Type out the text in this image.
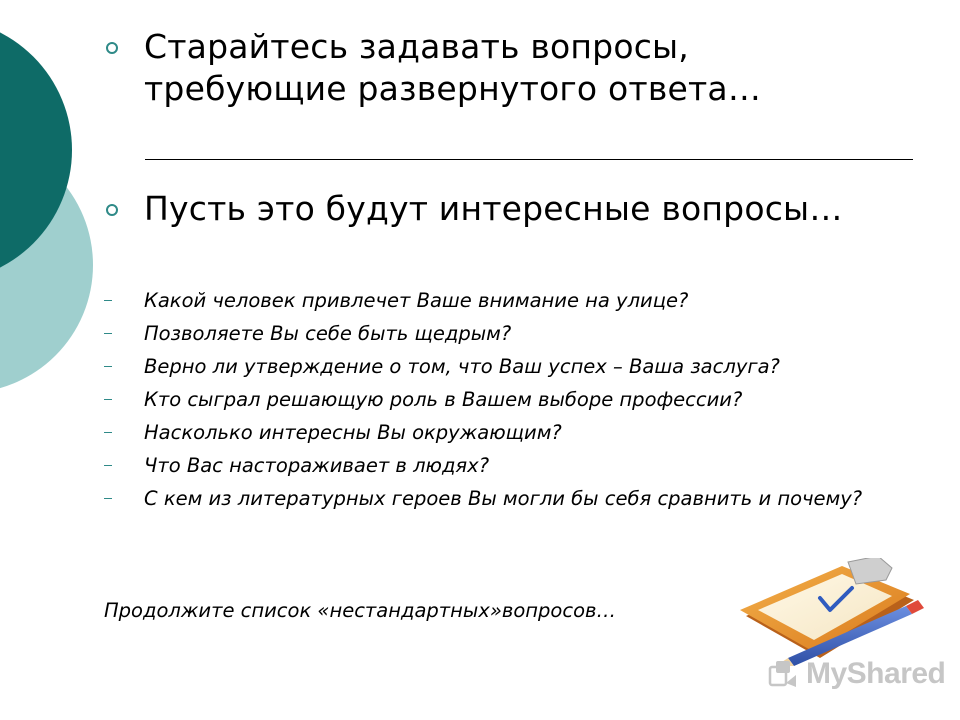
Старайтесь задавать вопросы,
требующие развернутого ответа…
Пусть это будут интересные вопросы…
Какой человек привлечет Ваше внимание на улице?
Позволяете Вы себе быть щедрым?
Верно ли утверждение о том, что Ваш успех – Ваша заслуга?
Кто сыграл решающую роль в Вашем выборе профессии?
Насколько интересны Вы окружающим?
Что Вас настораживает в людях?
С кем из литературных героев Вы могли бы себя сравнить и почему?
Продолжите список «нестандартных»вопросов…
MyShared
